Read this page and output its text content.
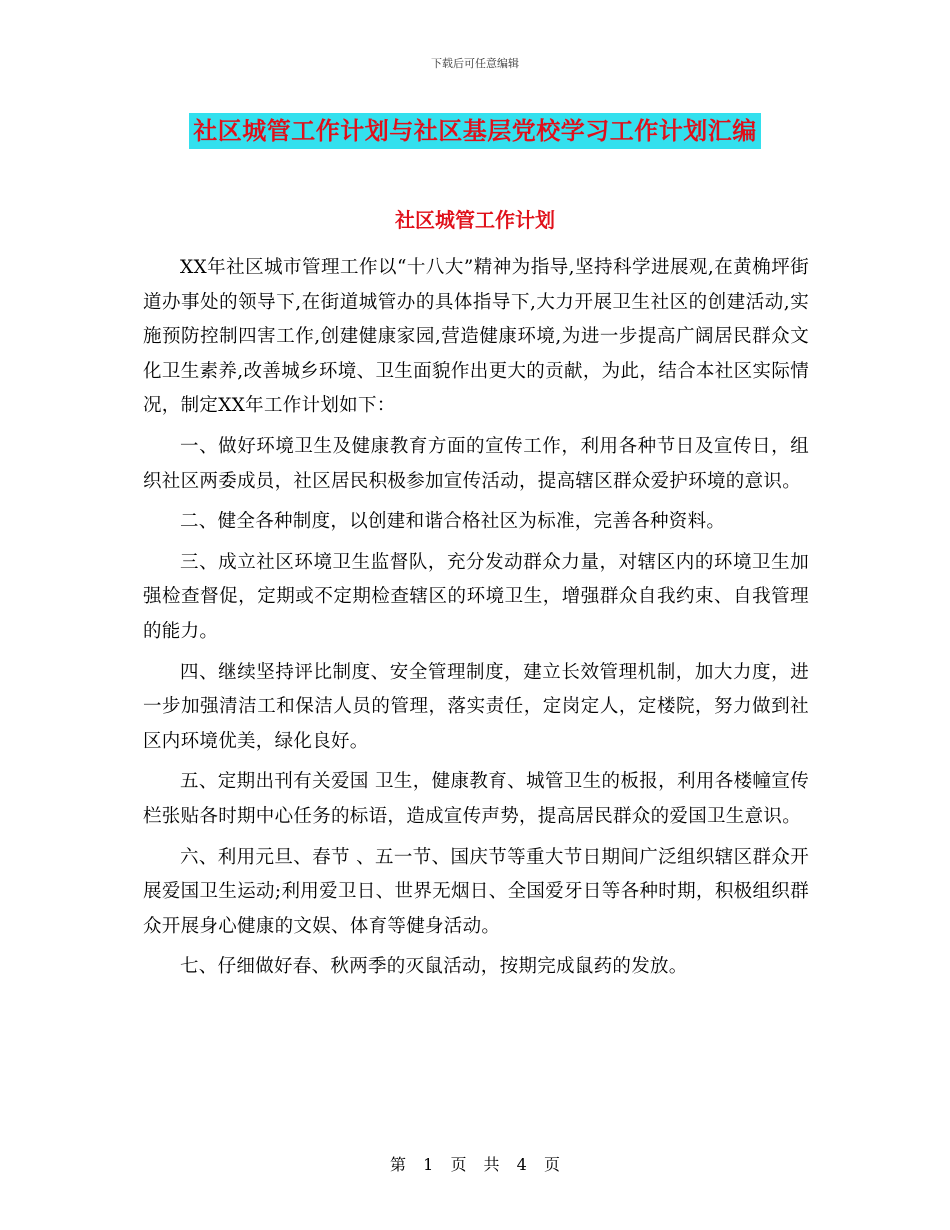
下载后可任意编辑
社区城管工作计划与社区基层党校学习工作计划汇编
社区城管工作计划

XX年社区城市管理工作以“十八大”精神为指导,坚持科学进展观,在黄桷坪街道办事处的领导下,在街道城管办的具体指导下,大力开展卫生社区的创建活动,实施预防控制四害工作,创建健康家园,营造健康环境,为进一步提高广阔居民群众文化卫生素养,改善城乡环境、卫生面貌作出更大的贡献，为此，结合本社区实际情况，制定XX年工作计划如下：

一、做好环境卫生及健康教育方面的宣传工作，利用各种节日及宣传日，组织社区两委成员，社区居民积极参加宣传活动，提高辖区群众爱护环境的意识。

二、健全各种制度，以创建和谐合格社区为标准，完善各种资料。

三、成立社区环境卫生监督队，充分发动群众力量，对辖区内的环境卫生加强检查督促，定期或不定期检查辖区的环境卫生，增强群众自我约束、自我管理的能力。

四、继续坚持评比制度、安全管理制度，建立长效管理机制，加大力度，进一步加强清洁工和保洁人员的管理，落实责任，定岗定人，定楼院，努力做到社区内环境优美，绿化良好。

五、定期出刊有关爱国 卫生，健康教育、城管卫生的板报，利用各楼幢宣传栏张贴各时期中心任务的标语，造成宣传声势，提高居民群众的爱国卫生意识。

六、利用元旦、春节 、五一节、国庆节等重大节日期间广泛组织辖区群众开展爱国卫生运动;利用爱卫日、世界无烟日、全国爱牙日等各种时期，积极组织群众开展身心健康的文娱、体育等健身活动。

七、仔细做好春、秋两季的灭鼠活动，按期完成鼠药的发放。

第 1 页 共 4 页
